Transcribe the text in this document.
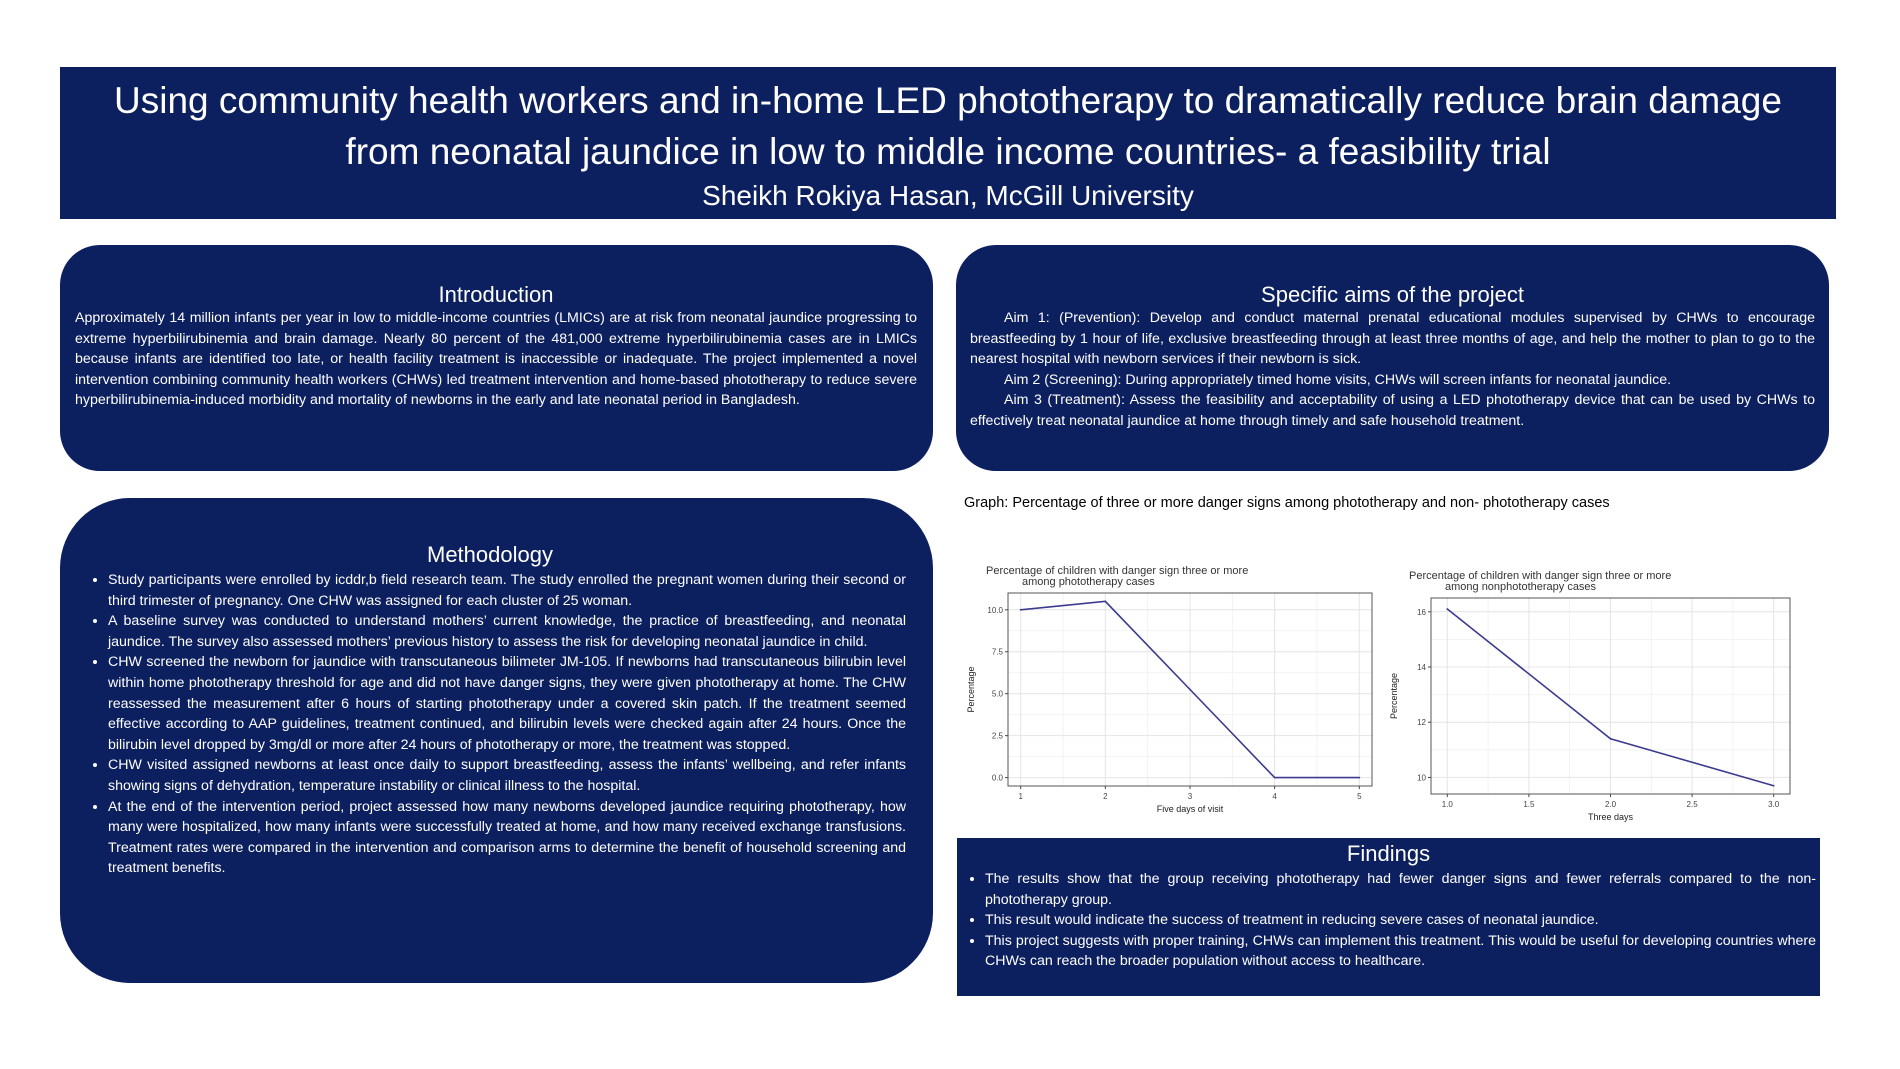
Using community health workers and in-home LED phototherapy to dramatically reduce brain damage from neonatal jaundice in low to middle income countries- a feasibility trial
Sheikh Rokiya Hasan, McGill University
Introduction

Approximately 14 million infants per year in low to middle-income countries (LMICs) are at risk from neonatal jaundice progressing to extreme hyperbilirubinemia and brain damage. Nearly 80 percent of the 481,000 extreme hyperbilirubinemia cases are in LMICs because infants are identified too late, or health facility treatment is inaccessible or inadequate. The project implemented a novel intervention combining community health workers (CHWs) led treatment intervention and home-based phototherapy to reduce severe hyperbilirubinemia-induced morbidity and mortality of newborns in the early and late neonatal period in Bangladesh.

Specific aims of the project

Aim 1: (Prevention): Develop and conduct maternal prenatal educational modules supervised by CHWs to encourage breastfeeding by 1 hour of life, exclusive breastfeeding through at least three months of age, and help the mother to plan to go to the nearest hospital with newborn services if their newborn is sick.

Aim 2 (Screening): During appropriately timed home visits, CHWs will screen infants for neonatal jaundice.

Aim 3 (Treatment): Assess the feasibility and acceptability of using a LED phototherapy device that can be used by CHWs to effectively treat neonatal jaundice at home through timely and safe household treatment.

Methodology
• Study participants were enrolled by icddr,b field research team. The study enrolled the pregnant women during their second or third trimester of pregnancy. One CHW was assigned for each cluster of 25 woman.
• A baseline survey was conducted to understand mothers’ current knowledge, the practice of breastfeeding, and neonatal jaundice. The survey also assessed mothers’ previous history to assess the risk for developing neonatal jaundice in child.
• CHW screened the newborn for jaundice with transcutaneous bilimeter JM-105. If newborns had transcutaneous bilirubin level within home phototherapy threshold for age and did not have danger signs, they were given phototherapy at home. The CHW reassessed the measurement after 6 hours of starting phototherapy under a covered skin patch. If the treatment seemed effective according to AAP guidelines, treatment continued, and bilirubin levels were checked again after 24 hours. Once the bilirubin level dropped by 3mg/dl or more after 24 hours of phototherapy or more, the treatment was stopped.
• CHW visited assigned newborns at least once daily to support breastfeeding, assess the infants’ wellbeing, and refer infants showing signs of dehydration, temperature instability or clinical illness to the hospital.
• At the end of the intervention period, project assessed how many newborns developed jaundice requiring phototherapy, how many were hospitalized, how many infants were successfully treated at home, and how many received exchange transfusions. Treatment rates were compared in the intervention and comparison arms to determine the benefit of household screening and treatment benefits.
Graph: Percentage of three or more danger signs among phototherapy and non- phototherapy cases
Percentage of children with danger sign three or more
among phototherapy cases
1	2	3	4	5
0.0
2.5
5.0
7.5
10.0
Five days of visit
Percentage
Percentage of children with danger sign three or more
among nonphototherapy cases
1.0	1.5	2.0	2.5	3.0
10
12
14
16
Three days
Percentage
Findings
• The results show that the group receiving phototherapy had fewer danger signs and fewer referrals compared to the non-phototherapy group.
• This result would indicate the success of treatment in reducing severe cases of neonatal jaundice.
• This project suggests with proper training, CHWs can implement this treatment. This would be useful for developing countries where CHWs can reach the broader population without access to healthcare.
